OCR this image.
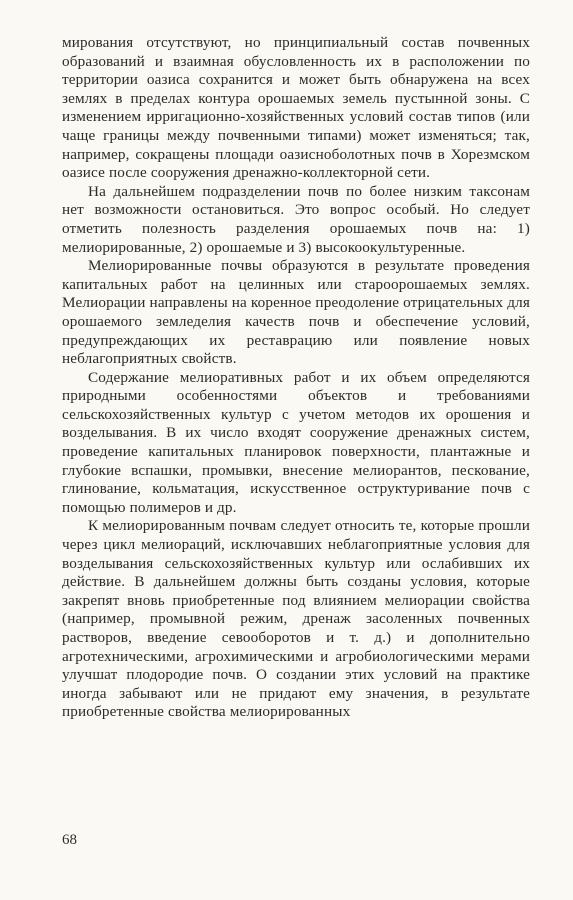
мирования отсутствуют, но принципиальный состав почвенных образований и взаимная обусловленность их в расположении по территории оазиса сохранится и может быть обнаружена на всех землях в пределах контура орошаемых земель пустынной зоны. С изменением ирригационно-хозяйственных условий состав типов (или чаще границы между почвенными типами) может изменяться; так, например, сокращены площади оазисноболотных почв в Хорезмском оазисе после сооружения дренажно-коллекторной сети.

На дальнейшем подразделении почв по более низким таксонам нет возможности остановиться. Это вопрос особый. Но следует отметить полезность разделения орошаемых почв на: 1) мелиорированные, 2) орошаемые и 3) высокоокультуренные.

Мелиорированные почвы образуются в результате проведения капитальных работ на целинных или староорошаемых землях. Мелиорации направлены на коренное преодоление отрицательных для орошаемого земледелия качеств почв и обеспечение условий, предупреждающих их реставрацию или появление новых неблагоприятных свойств.

Содержание мелиоративных работ и их объем определяются природными особенностями объектов и требованиями сельскохозяйственных культур с учетом методов их орошения и возделывания. В их число входят сооружение дренажных систем, проведение капитальных планировок поверхности, плантажные и глубокие вспашки, промывки, внесение мелиорантов, пескование, глинование, кольматация, искусственное оструктуривание почв с помощью полимеров и др.

К мелиорированным почвам следует относить те, которые прошли через цикл мелиораций, исключавших неблагоприятные условия для возделывания сельскохозяйственных культур или ослабивших их действие. В дальнейшем должны быть созданы условия, которые закрепят вновь приобретенные под влиянием мелиорации свойства (например, промывной режим, дренаж засоленных почвенных растворов, введение севооборотов и т. д.) и дополнительно агротехническими, агрохимическими и агробиологическими мерами улучшат плодородие почв. О создании этих условий на практике иногда забывают или не придают ему значения, в результате приобретенные свойства мелиорированных

68
